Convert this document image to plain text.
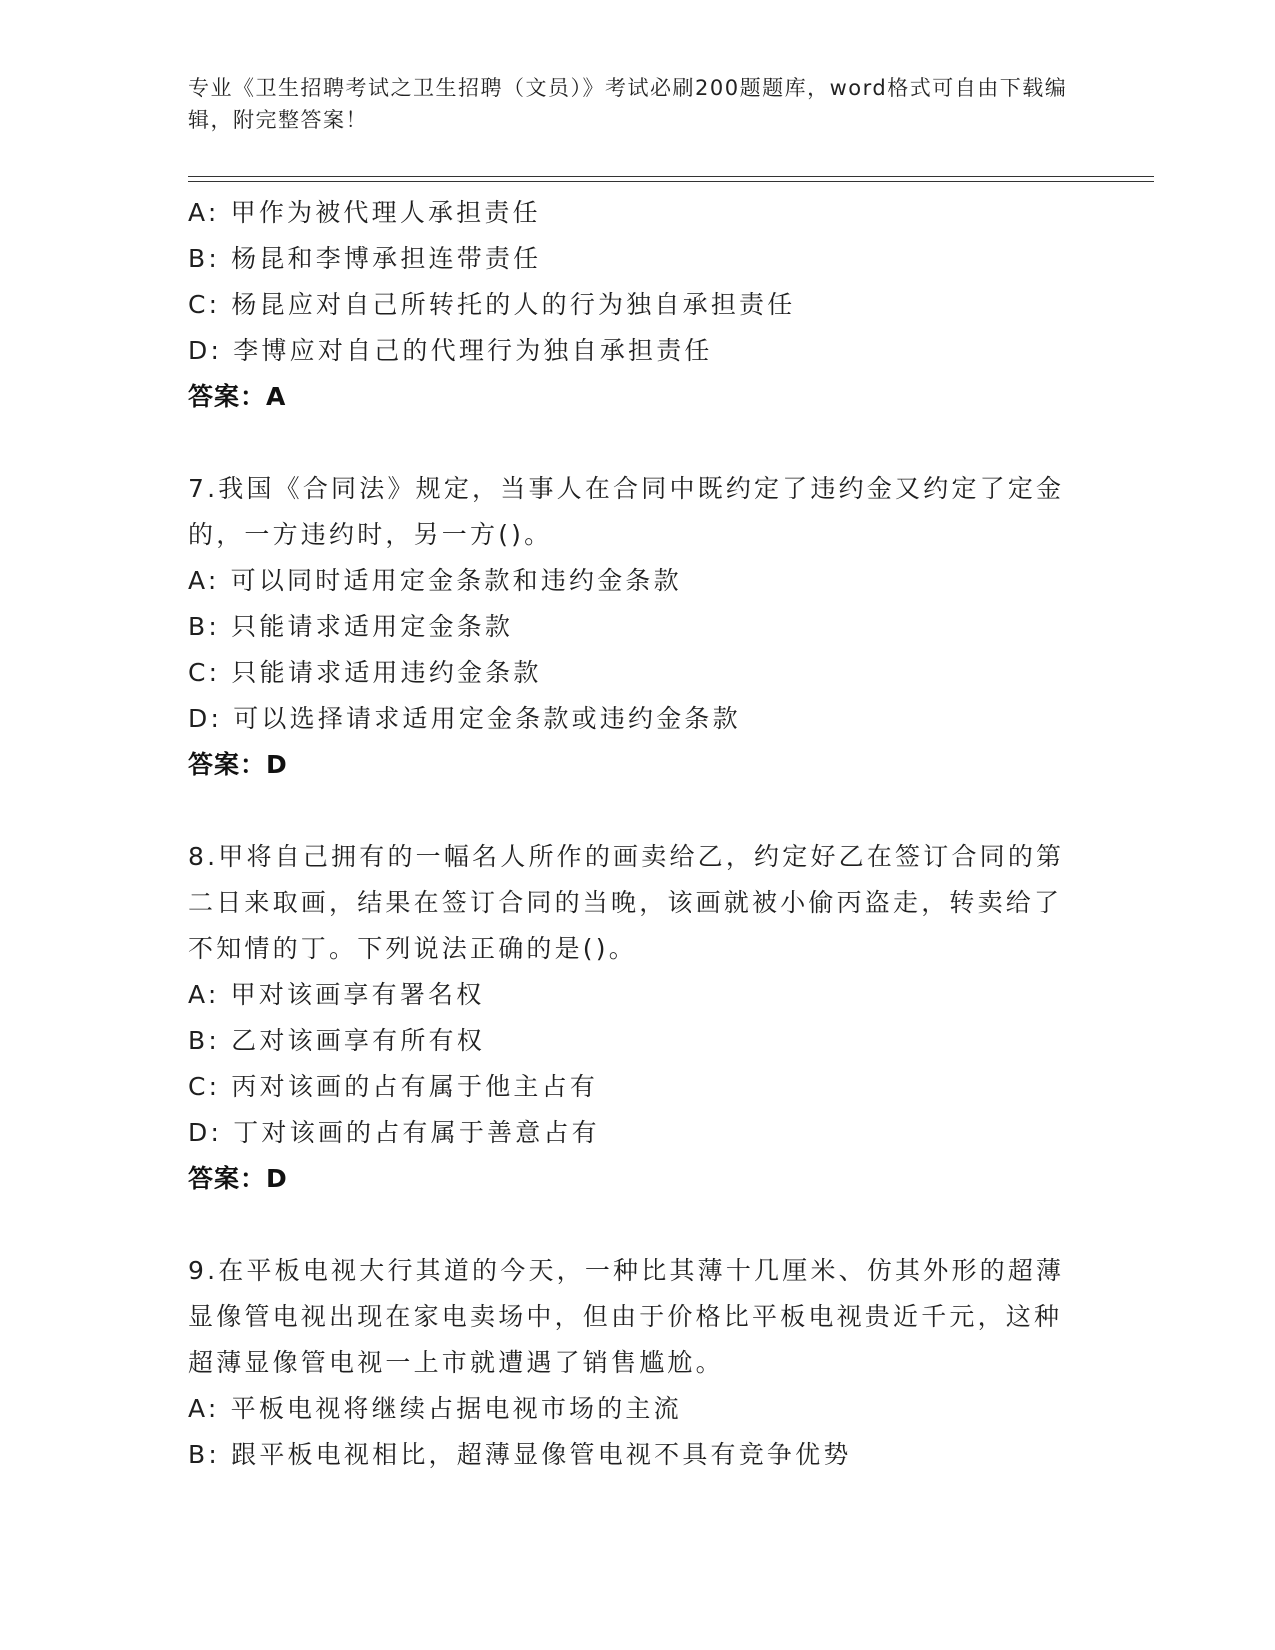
专业《卫生招聘考试之卫生招聘（文员）》考试必刷200题题库，word格式可自由下载编辑，附完整答案！
A: 甲作为被代理人承担责任
B: 杨昆和李博承担连带责任
C: 杨昆应对自己所转托的人的行为独自承担责任
D: 李博应对自己的代理行为独自承担责任
答案：A
7.我国《合同法》规定，当事人在合同中既约定了违约金又约定了定金的，一方违约时，另一方()。
A: 可以同时适用定金条款和违约金条款
B: 只能请求适用定金条款
C: 只能请求适用违约金条款
D: 可以选择请求适用定金条款或违约金条款
答案：D
8.甲将自己拥有的一幅名人所作的画卖给乙，约定好乙在签订合同的第二日来取画，结果在签订合同的当晚，该画就被小偷丙盗走，转卖给了不知情的丁。下列说法正确的是()。
A: 甲对该画享有署名权
B: 乙对该画享有所有权
C: 丙对该画的占有属于他主占有
D: 丁对该画的占有属于善意占有
答案：D
9.在平板电视大行其道的今天，一种比其薄十几厘米、仿其外形的超薄显像管电视出现在家电卖场中，但由于价格比平板电视贵近千元，这种超薄显像管电视一上市就遭遇了销售尴尬。
A: 平板电视将继续占据电视市场的主流
B: 跟平板电视相比，超薄显像管电视不具有竞争优势
